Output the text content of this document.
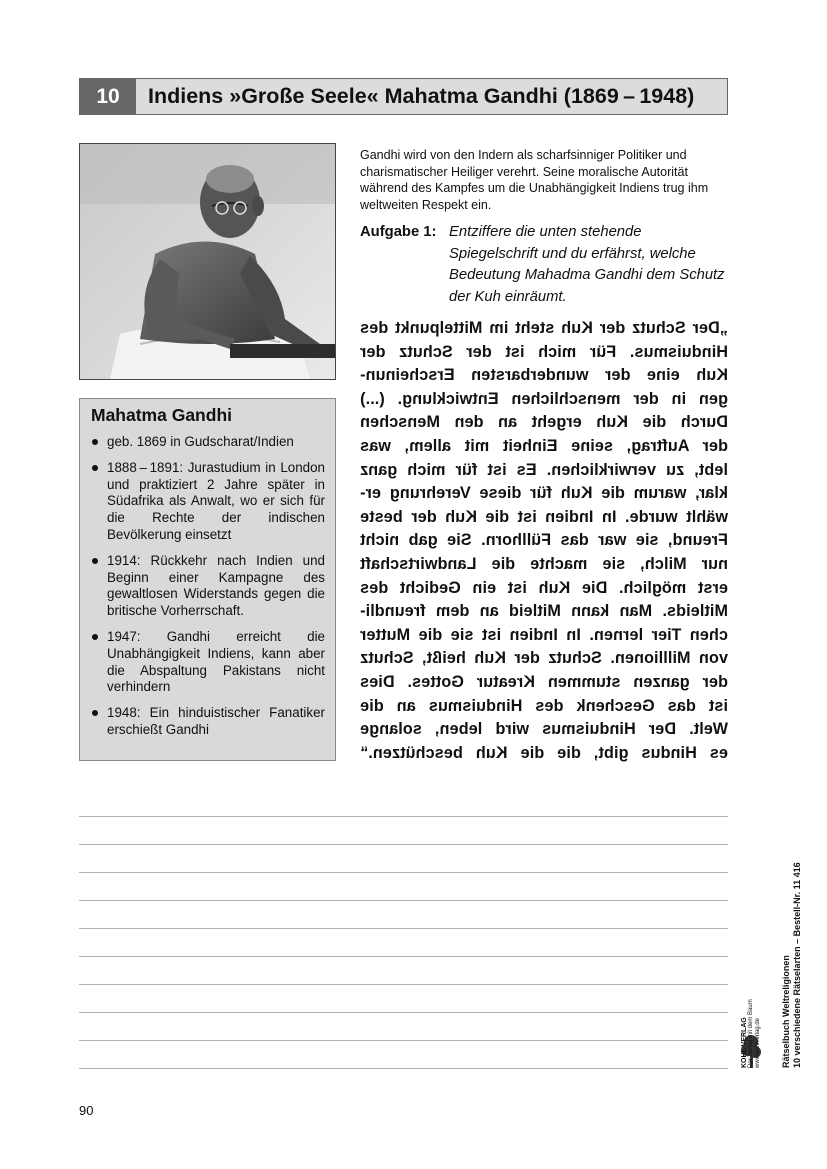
10	Indiens »Große Seele« Mahatma Gandhi (1869 – 1948)
Mahatma Gandhi
geb. 1869 in Gudscharat/Indien
1888 – 1891: Jurastudium in London und praktiziert 2 Jahre später in Südafrika als Anwalt, wo er sich für die Rechte der indischen Bevölkerung einsetzt
1914: Rückkehr nach Indien und Beginn einer Kampagne des gewaltlosen Widerstands gegen die britische Vorherrschaft.
1947: Gandhi erreicht die Unabhängigkeit Indiens, kann aber die Abspaltung Pakistans nicht verhindern
1948: Ein hinduistischer Fanatiker erschießt Gandhi
Gandhi wird von den Indern als scharfsinniger Politiker und charismatischer Heiliger verehrt. Seine moralische Autorität während des Kampfes um die Unabhängigkeit Indiens trug ihm weltweiten Respekt ein.
Aufgabe 1: Entziffere die unten stehende Spiegelschrift und du erfährst, welche Bedeutung Mahadma Gandhi dem Schutz der Kuh einräumt.
„Der Schutz der Kuh steht im Mittelpunkt des
Hinduismus. Für mich ist der Schutz der
Kuh eine der wunderbarsten Erscheinun-
gen in der menschlichen Entwicklung. (...)
Durch die Kuh ergeht an den Menschen
der Auftrag, seine Einheit mit allem, was
lebt, zu verwirklichen. Es ist für mich ganz
klar, warum die Kuh für diese Verehrung er-
wählt wurde. In Indien ist die Kuh der beste
Freund, sie war das Füllhorn. Sie gab nicht
nur Milch, sie machte die Landwirtschaft
erst möglich. Die Kuh ist ein Gedicht des
Mitleids. Man kann Mitleid an dem freundli-
chen Tier lernen. In Indien ist sie die Mutter
von Milllionen. Schutz der Kuh heißt, Schutz
der ganzen stummen Kreatur Gottes. Dies
ist das Geschenk des Hinduismus an die
Welt. Der Hinduismus wird leben, solange
es Hindus gibt, die die Kuh beschützen.“
90
Rätselbuch Weltreligionen 10 verschiedene Rätselarten – Bestell-Nr. 11 416
KOHL VERLAG Der Verlag mit dem Baum www.kohlverlag.de
